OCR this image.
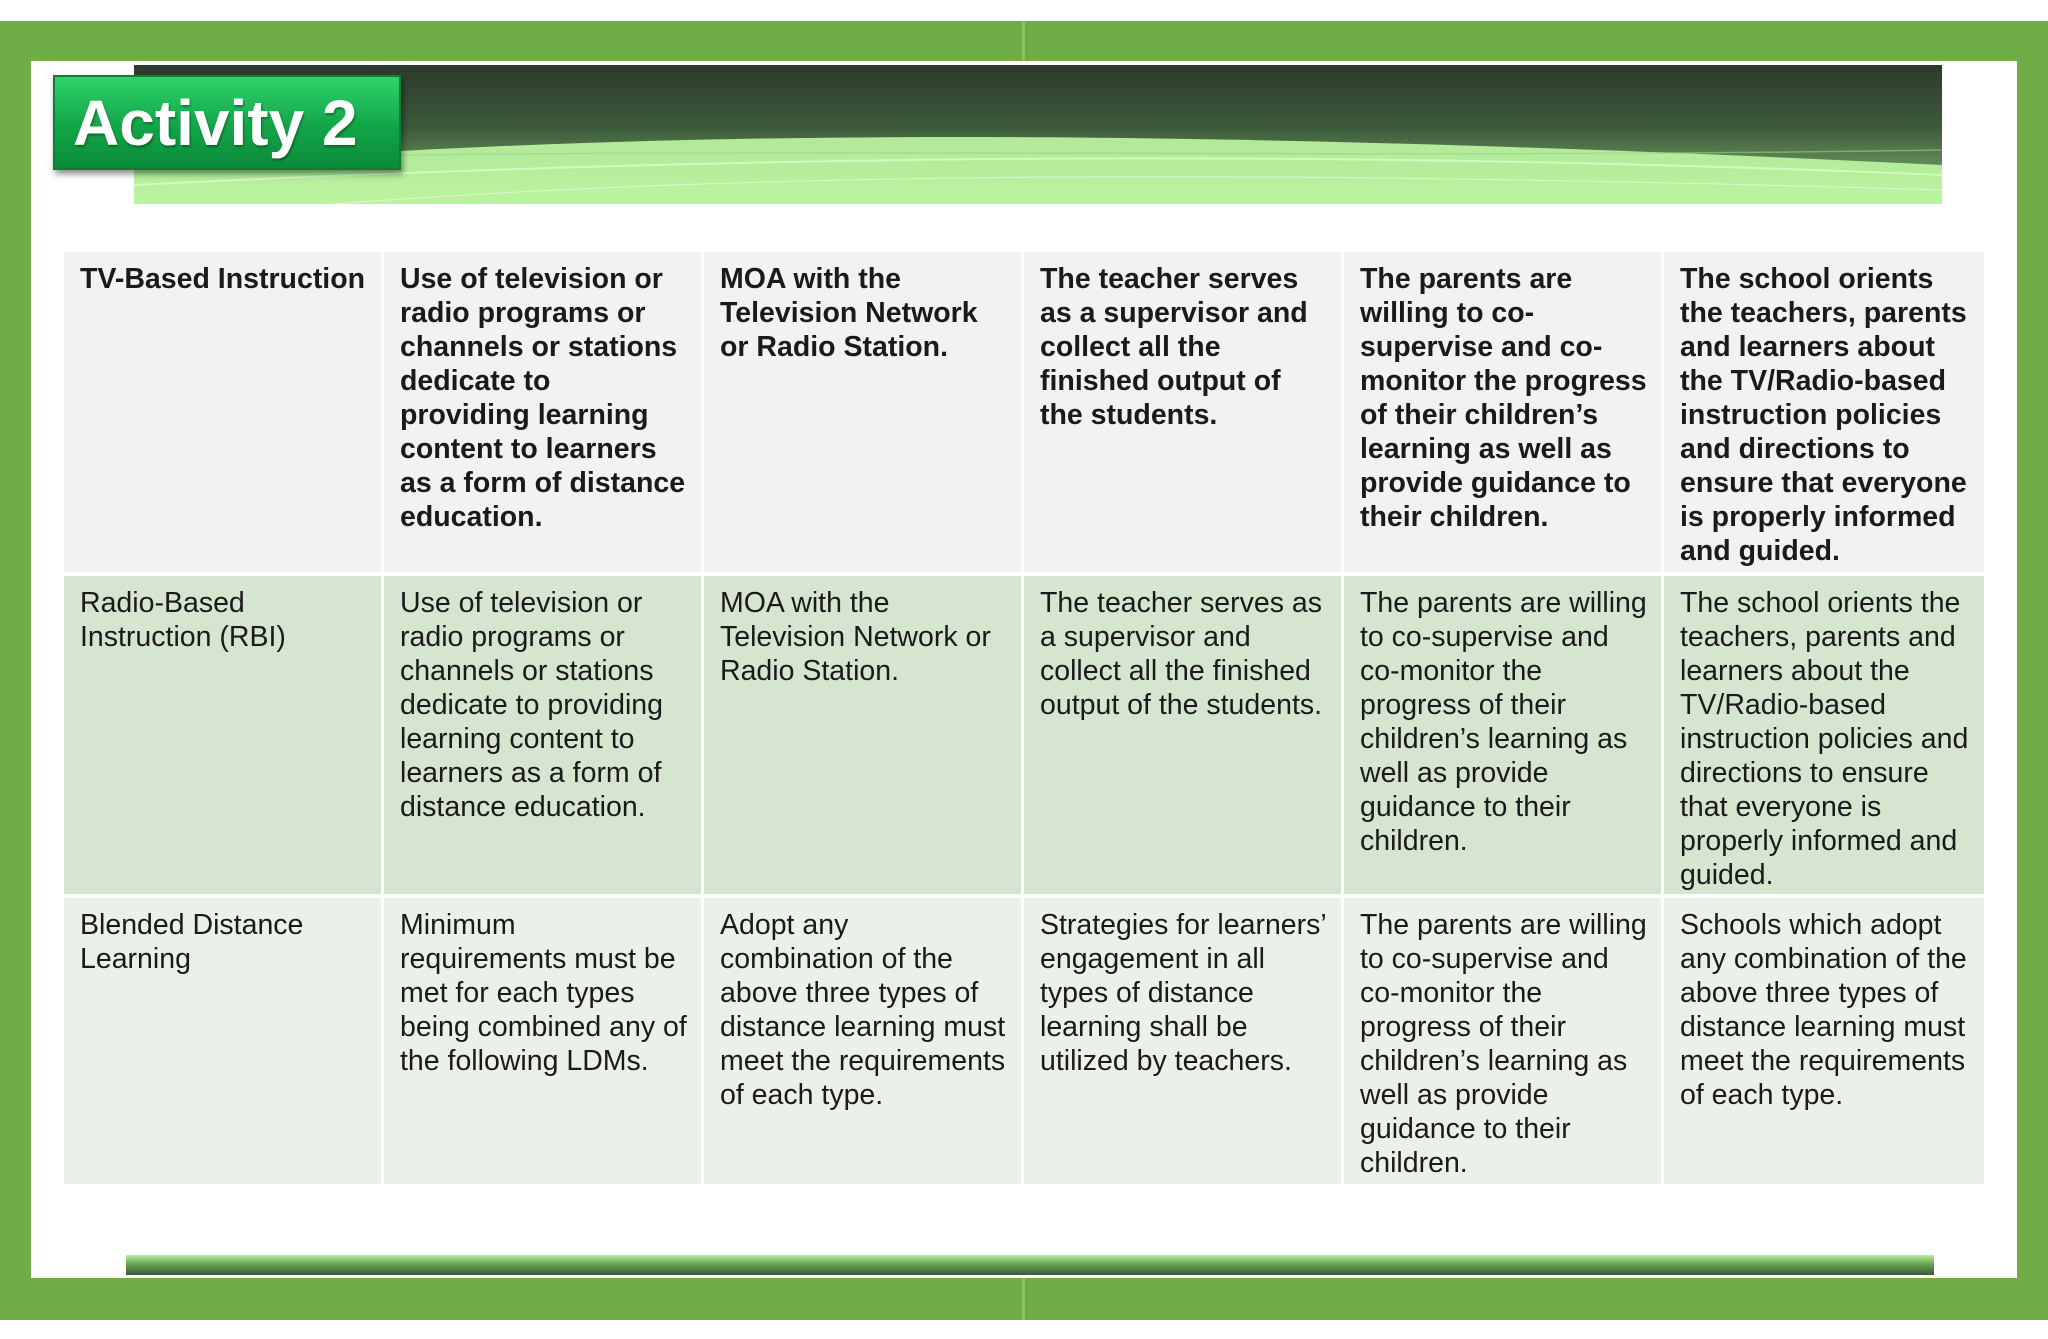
Activity 2
TV-Based Instruction	Use of television or radio programs or channels or stations dedicate to providing learning content to learners as a form of distance education.
MOA with the Television Network or Radio Station.
The teacher serves as a supervisor and collect all the finished output of the students.
The parents are willing to co-supervise and co-monitor the progress of their children’s learning as well as provide guidance to their children.
The school orients the teachers, parents and learners about the TV/Radio-based instruction policies and directions to ensure that everyone is properly informed and guided.
Radio-Based Instruction (RBI)
Use of television or radio programs or channels or stations dedicate to providing learning content to learners as a form of distance education.
MOA with the Television Network or Radio Station.
The teacher serves as a supervisor and collect all the finished output of the students.
The parents are willing to co-supervise and co-monitor the progress of their children’s learning as well as provide guidance to their children.
The school orients the teachers, parents and learners about the TV/Radio-based instruction policies and directions to ensure that everyone is properly informed and guided.
Blended Distance Learning
Minimum requirements must be met for each types being combined any of the following LDMs.
Adopt any combination of the above three types of distance learning must meet the requirements of each type.
Strategies for learners’ engagement in all types of distance learning shall be utilized by teachers.
The parents are willing to co-supervise and co-monitor the progress of their children’s learning as well as provide guidance to their children.
Schools which adopt any combination of the above three types of distance learning must meet the requirements of each type.
